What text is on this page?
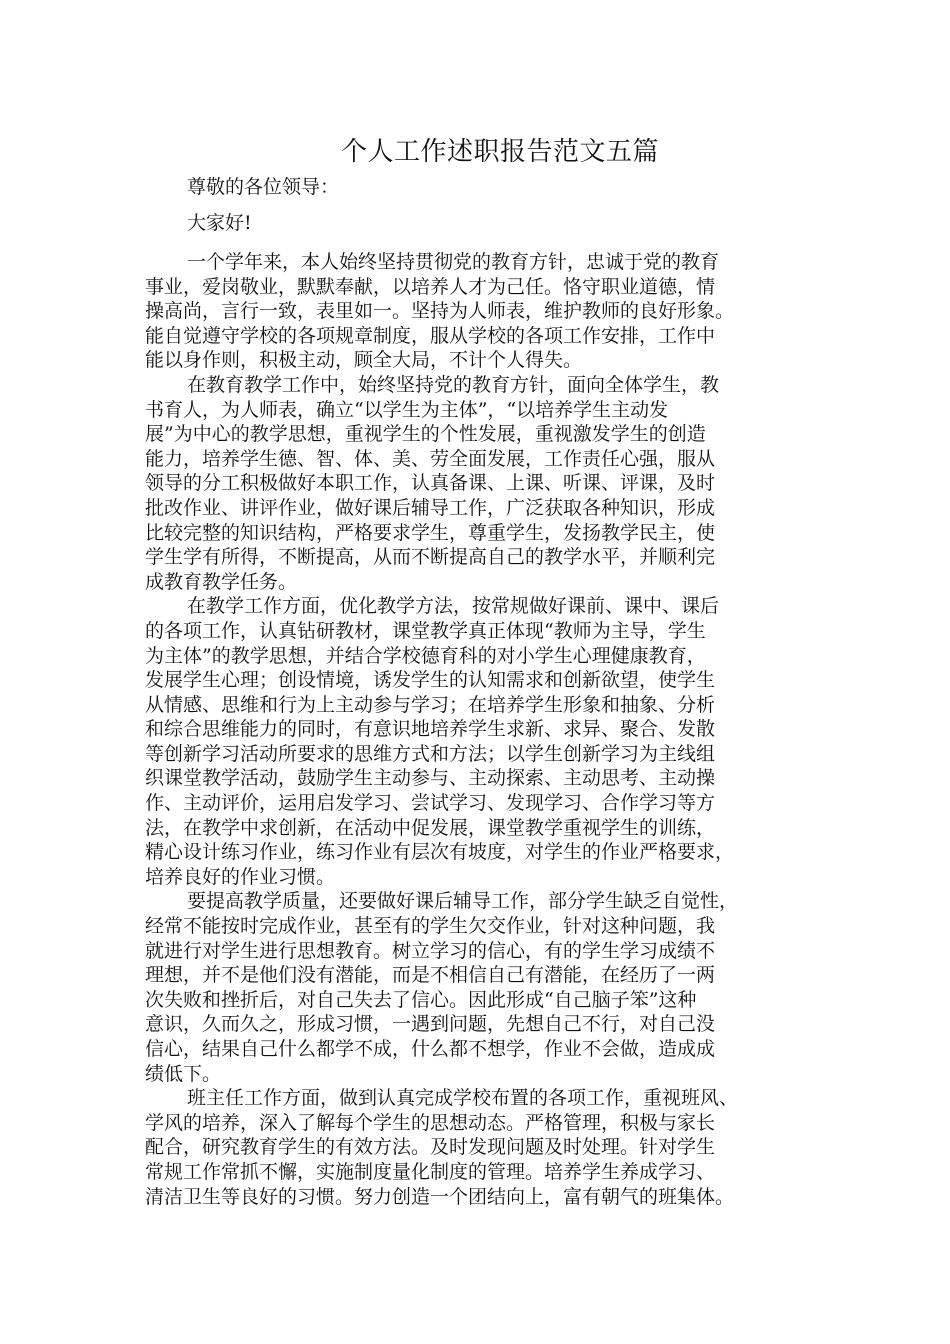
个人工作述职报告范文五篇
尊敬的各位领导：
大家好!
一个学年来，本人始终坚持贯彻党的教育方针，忠诚于党的教育
事业，爱岗敬业，默默奉献，以培养人才为己任。恪守职业道德，情
操高尚，言行一致，表里如一。坚持为人师表，维护教师的良好形象。
能自觉遵守学校的各项规章制度，服从学校的各项工作安排，工作中
能以身作则，积极主动，顾全大局，不计个人得失。
在教育教学工作中，始终坚持党的教育方针，面向全体学生，教
书育人，为人师表，确立“以学生为主体”，“以培养学生主动发
展”为中心的教学思想，重视学生的个性发展，重视激发学生的创造
能力，培养学生德、智、体、美、劳全面发展，工作责任心强，服从
领导的分工积极做好本职工作，认真备课、上课、听课、评课，及时
批改作业、讲评作业，做好课后辅导工作，广泛获取各种知识，形成
比较完整的知识结构，严格要求学生，尊重学生，发扬教学民主，使
学生学有所得，不断提高，从而不断提高自己的教学水平，并顺利完
成教育教学任务。
在教学工作方面，优化教学方法，按常规做好课前、课中、课后
的各项工作，认真钻研教材，课堂教学真正体现“教师为主导，学生
为主体”的教学思想，并结合学校德育科的对小学生心理健康教育，
发展学生心理；创设情境，诱发学生的认知需求和创新欲望，使学生
从情感、思维和行为上主动参与学习；在培养学生形象和抽象、分析
和综合思维能力的同时，有意识地培养学生求新、求异、聚合、发散
等创新学习活动所要求的思维方式和方法；以学生创新学习为主线组
织课堂教学活动，鼓励学生主动参与、主动探索、主动思考、主动操
作、主动评价，运用启发学习、尝试学习、发现学习、合作学习等方
法，在教学中求创新，在活动中促发展，课堂教学重视学生的训练，
精心设计练习作业，练习作业有层次有坡度，对学生的作业严格要求，
培养良好的作业习惯。
要提高教学质量，还要做好课后辅导工作，部分学生缺乏自觉性，
经常不能按时完成作业，甚至有的学生欠交作业，针对这种问题，我
就进行对学生进行思想教育。树立学习的信心，有的学生学习成绩不
理想，并不是他们没有潜能，而是不相信自己有潜能，在经历了一两
次失败和挫折后，对自己失去了信心。因此形成“自己脑子笨”这种
意识，久而久之，形成习惯，一遇到问题，先想自己不行，对自己没
信心，结果自己什么都学不成，什么都不想学，作业不会做，造成成
绩低下。
班主任工作方面，做到认真完成学校布置的各项工作，重视班风、
学风的培养，深入了解每个学生的思想动态。严格管理，积极与家长
配合，研究教育学生的有效方法。及时发现问题及时处理。针对学生
常规工作常抓不懈，实施制度量化制度的管理。培养学生养成学习、
清洁卫生等良好的习惯。努力创造一个团结向上，富有朝气的班集体。
